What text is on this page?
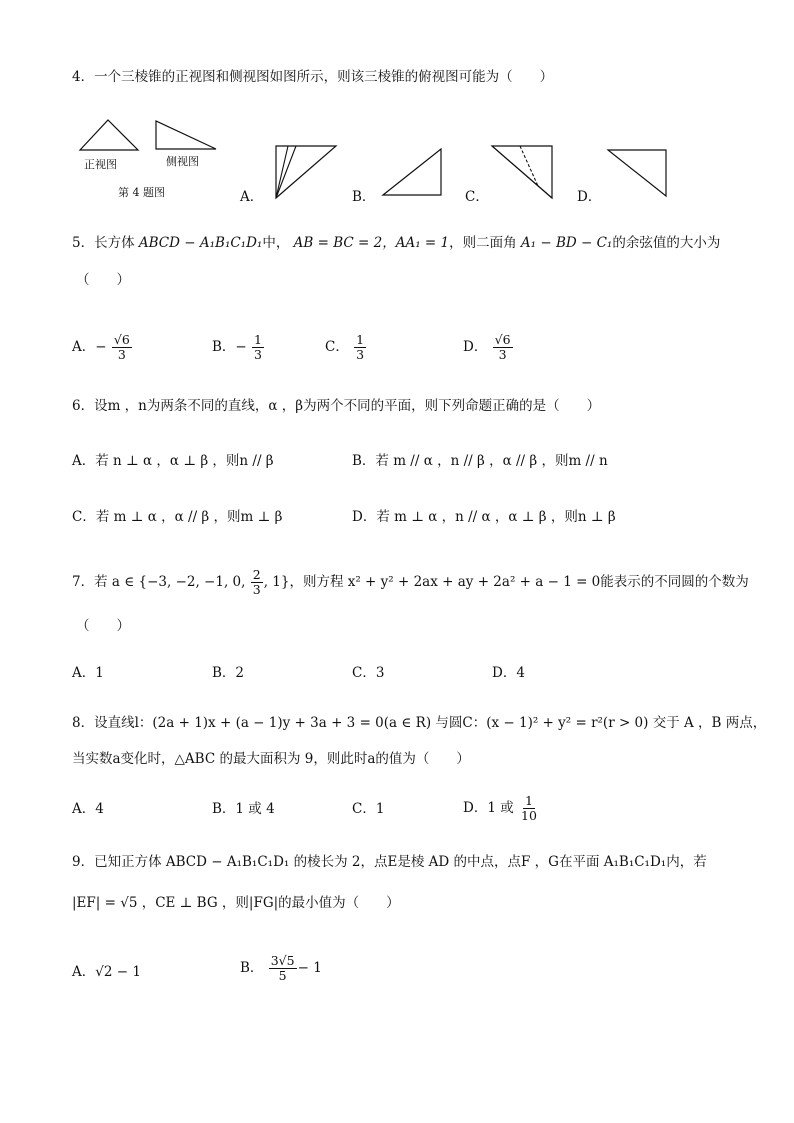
4．一个三棱锥的正视图和侧视图如图所示，则该三棱锥的俯视图可能为（　　）
正视图	侧视图
第 4 题图	A．	B．	C．	D．
5．长方体 ABCD − A₁B₁C₁D₁中， AB = BC = 2，AA₁ = 1，则二面角 A₁ − BD − C₁的余弦值的大小为
（　　）
A．− $\frac{√6}{3}$	B．− $\frac{1}{3}$	C． $\frac{1}{3}$	D． $\frac{√6}{3}$
6．设m ，n为两条不同的直线，α ，β为两个不同的平面，则下列命题正确的是（　　）
A．若 n ⊥ α ，α ⊥ β ，则n // β	B．若 m // α ，n // β ，α // β ，则m // n
C．若 m ⊥ α ，α // β ，则m ⊥ β	D．若 m ⊥ α ，n // α ，α ⊥ β ，则n ⊥ β
7．若 a ∈ {−3, −2, −1, 0, $\frac{2}{3}$ , 1}，则方程 x² + y² + 2ax + ay + 2a² + a − 1 = 0能表示的不同圆的个数为
（　　）
A．1	B．2	C．3	D．4
8．设直线l：(2a + 1)x + (a − 1)y + 3a + 3 = 0(a ∈ R) 与圆C：(x − 1)² + y² = r²(r > 0) 交于 A ，B 两点，
当实数a变化时，△ABC 的最大面积为 9，则此时a的值为（　　）
A．4	B．1 或 4	C．1	D．1 或 $\frac{1}{10}$
9．已知正方体 ABCD − A₁B₁C₁D₁ 的棱长为 2，点E是棱 AD 的中点，点F ，G在平面 A₁B₁C₁D₁内，若
|EF| = √5 ，CE ⊥ BG ，则|FG|的最小值为（　　）
A．√2 − 1	B． $\frac{3√5}{5} - 1$
